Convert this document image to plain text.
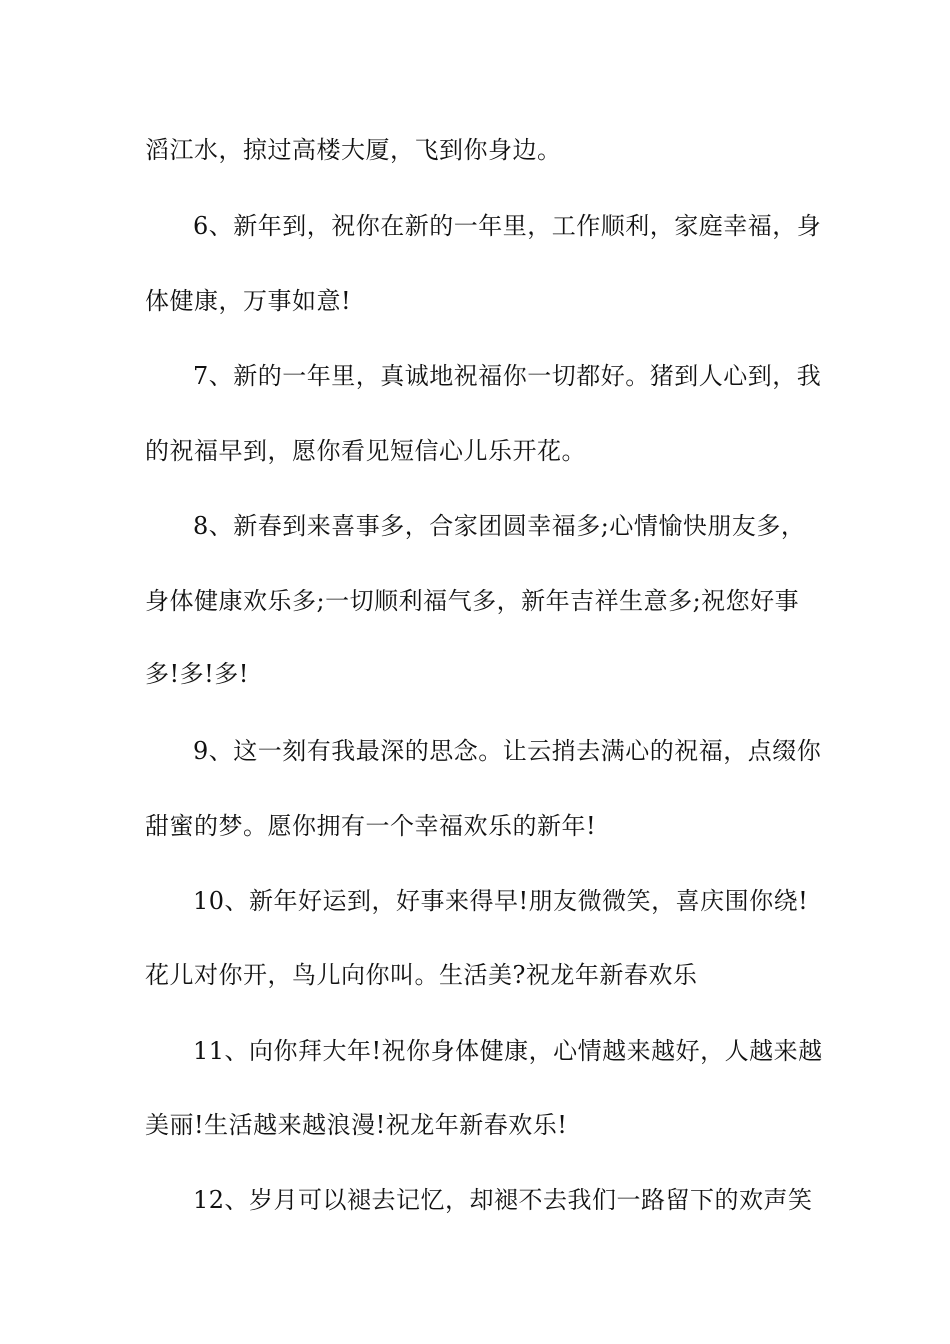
滔江水，掠过高楼大厦，飞到你身边。
6、新年到，祝你在新的一年里，工作顺利，家庭幸福，身
体健康，万事如意!
7、新的一年里，真诚地祝福你一切都好。猪到人心到，我
的祝福早到，愿你看见短信心儿乐开花。
8、新春到来喜事多，合家团圆幸福多;心情愉快朋友多，
身体健康欢乐多;一切顺利福气多，新年吉祥生意多;祝您好事
多!多!多!
9、这一刻有我最深的思念。让云捎去满心的祝福，点缀你
甜蜜的梦。愿你拥有一个幸福欢乐的新年!
10、新年好运到，好事来得早!朋友微微笑，喜庆围你绕!
花儿对你开，鸟儿向你叫。生活美?祝龙年新春欢乐
11、向你拜大年!祝你身体健康，心情越来越好，人越来越
美丽!生活越来越浪漫!祝龙年新春欢乐!
12、岁月可以褪去记忆，却褪不去我们一路留下的欢声笑
